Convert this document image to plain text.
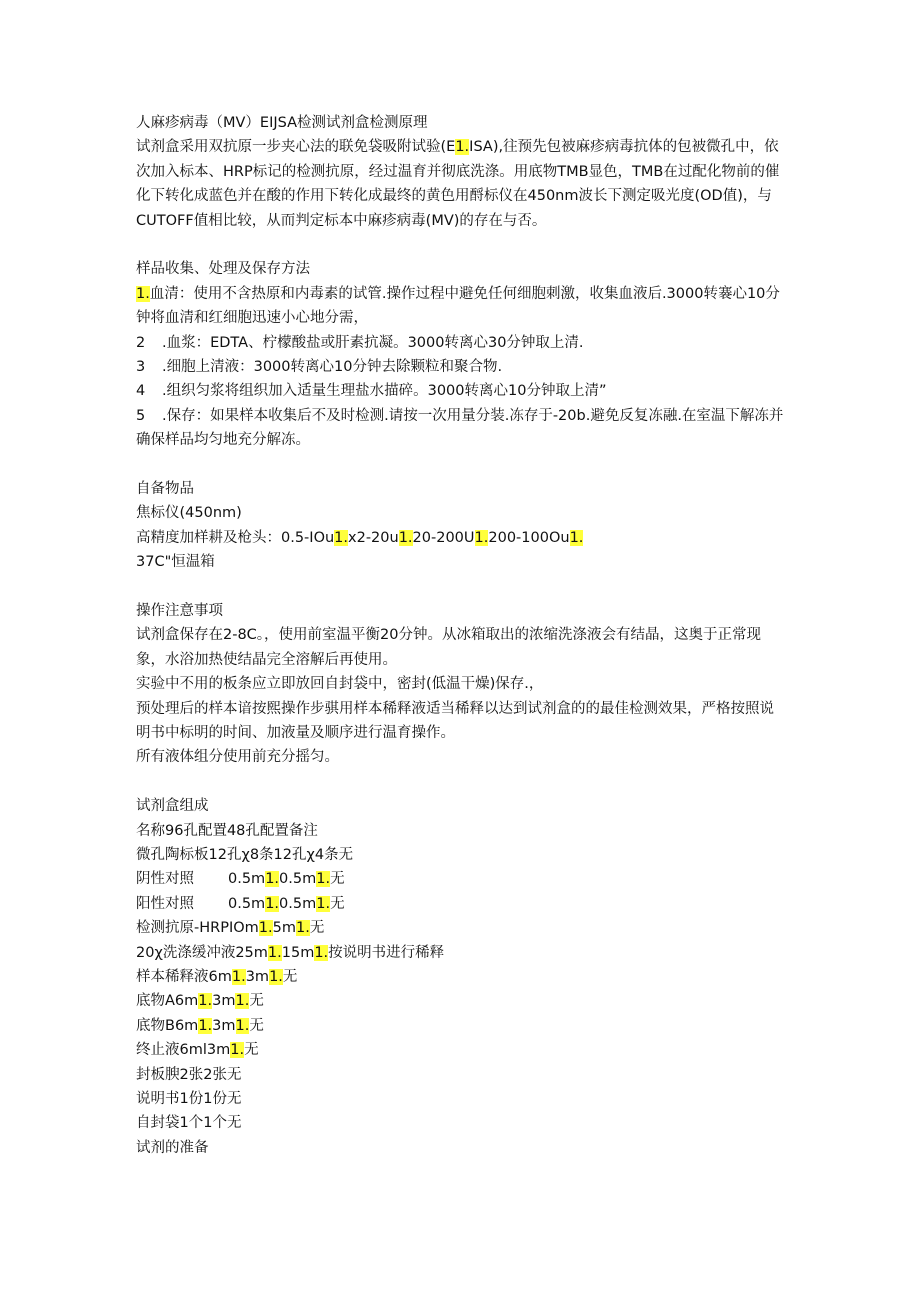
人麻疹病毒（MV）EIJSA检测试剂盒检测原理
试剂盒采用双抗原一步夹心法的联免袋吸附试验(E1.ISA),往预先包被麻疹病毒抗体的包被微孔中，依次加入标本、HRP标记的检测抗原，经过温育并彻底洗涤。用底物TMB显色，TMB在过配化物前的催化下转化成蓝色并在酸的作用下转化成最终的黄色用酹标仪在450nm波长下测定吸光度(OD值)，与CUTOFF值相比较，从而判定标本中麻疹病毒(MV)的存在与否。
样品收集、处理及保存方法
1.血清：使用不含热原和内毒素的试管.操作过程中避免任何细胞刺激，收集血液后.3000转褰心10分钟将血清和红细胞迅速小心地分需，
2 .血浆：EDTA、柠檬酸盐或肝素抗凝。3000转离心30分钟取上清.
3 .细胞上清液：3000转离心10分钟去除颗粒和聚合物.
4 .组织匀浆将组织加入适量生理盐水描碎。3000转离心10分钟取上清”
5 .保存：如果样本收集后不及时检测.请按一次用量分装.冻存于-20b.避免反复冻融.在室温下解冻并确保样品均匀地充分解冻。
自备物品
焦标仪(450nm)
高精度加样耕及枪头：0.5-IOu1.x2-20u1.20-200U1.200-100Ou1.
37C"恒温箱
操作注意事项
试剂盒保存在2-8C。，使用前室温平衡20分钟。从冰箱取出的浓缩洗涤液会有结晶，这奥于正常现象，水浴加热使结晶完全溶解后再使用。
实验中不用的板条应立即放回自封袋中，密封(低温干燥)保存.，
预处理后的样本谙按熙操作步骐用样本稀释液适当稀释以达到试剂盒的的最佳检测效果，严格按照说明书中标明的时间、加液量及顺序进行温育操作。
所有液体组分使用前充分摇匀。
试剂盒组成
名称96孔配置48孔配置备注
微孔陶标板12孔χ8条12孔χ4条无
阴性对照 0.5m1.0.5m1.无
阳性对照 0.5m1.0.5m1.无
检测抗原-HRPIOm1.5m1.无
20χ洗涤缓冲液25m1.15m1.按说明书进行稀释
样本稀释液6m1.3m1.无
底物A6m1.3m1.无
底物B6m1.3m1.无
终止液6ml3m1.无
封板腴2张2张无
说明书1份1份无
自封袋1个1个无
试剂的准备
